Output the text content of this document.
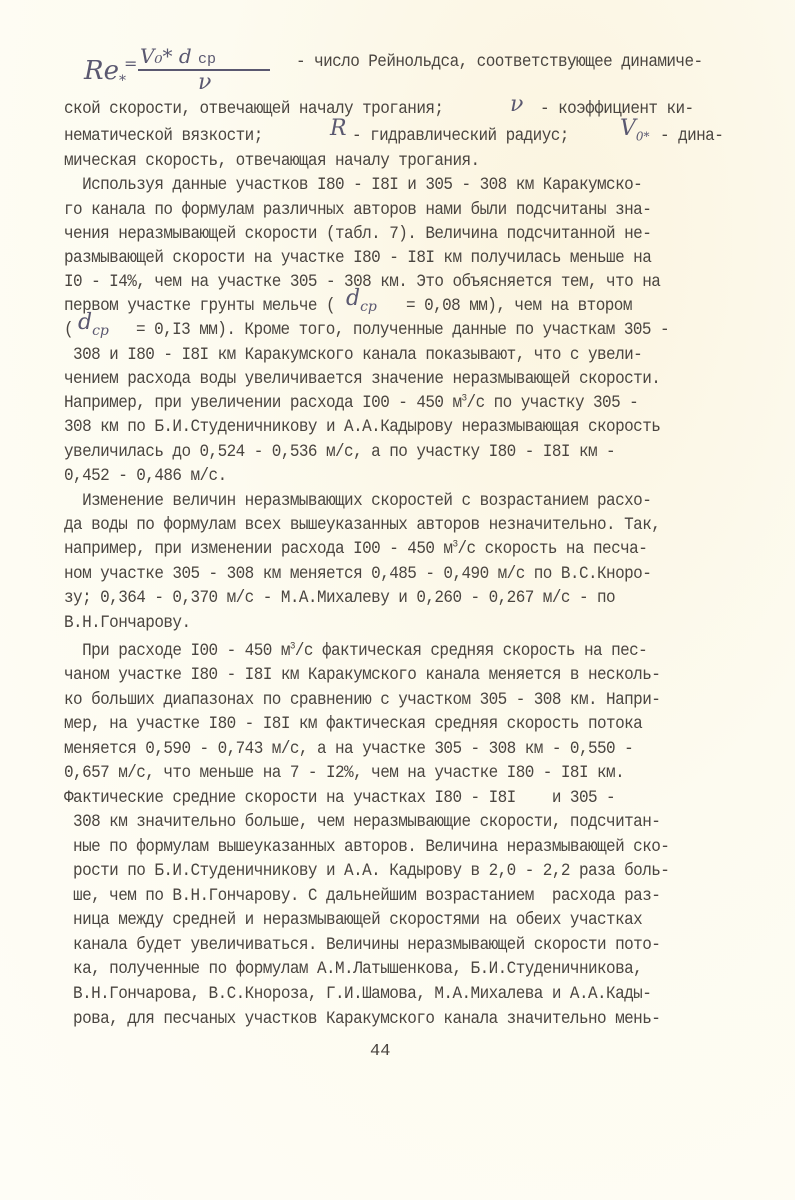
$Re_*$
= V₀* d ср
ν
- число Рейнольдса, соответствующее динамиче-
ской скорости, отвечающей началу трогания;	ν - коэффициент ки-
нематической вязкости;	R - гидравлический радиус; $V_{0*}$ - дина-
мическая скорость, отвечающая началу трогания.
Используя данные участков I80 - I8I и 305 - 308 км Каракумско-
го канала по формулам различных авторов нами были подсчитаны зна-
чения неразмывающей скорости (табл. 7). Величина подсчитанной не-
размывающей скорости на участке I80 - I8I км получилась меньше на
I0 - I4%, чем на участке 305 - 308 км. Это объясняется тем, что на
первом участке грунты мельче ( $d_{ср} = 0,08$ мм), чем на втором
( $d_{ср} = 0,I3$ мм). Кроме того, полученные данные по участкам 305 -
308 и I80 - I8I км Каракумского канала показывают, что с увели-
чением расхода воды увеличивается значение неразмывающей скорости.
Например, при увеличении расхода I00 - 450 $м^3/с$ по участку 305 -
308 км по Б.И.Студеничникову и А.А.Кадырову неразмывающая скорость
увеличилась до 0,524 - 0,536 м/с, а по участку I80 - I8I км -
0,452 - 0,486 м/с.
Изменение величин неразмывающих скоростей с возрастанием расхо-
да воды по формулам всех вышеуказанных авторов незначительно. Так,
например, при изменении расхода I00 - 450 $м^3/с$ скорость на песча-
ном участке 305 - 308 км меняется 0,485 - 0,490 м/с по В.С.Кноро-
зу; 0,364 - 0,370 м/с - М.А.Михалеву и 0,260 - 0,267 м/с - по
В.Н.Гончарову.
При расходе I00 - 450 $м^3/с$ фактическая средняя скорость на пес-
чаном участке I80 - I8I км Каракумского канала меняется в несколь-
ко больших диапазонах по сравнению с участком 305 - 308 км. Напри-
мер, на участке I80 - I8I км фактическая средняя скорость потока
меняется 0,590 - 0,743 м/с, а на участке 305 - 308 км - 0,550 -
0,657 м/с, что меньше на 7 - I2%, чем на участке I80 - I8I км.
Фактические средние скорости на участках I80 - I8I    и 305 -
308 км значительно больше, чем неразмывающие скорости, подсчитан-
ные по формулам вышеуказанных авторов. Величина неразмывающей ско-
рости по Б.И.Студеничникову и А.А. Кадырову в 2,0 - 2,2 раза боль-
ше, чем по В.Н.Гончарову. С дальнейшим возрастанием  расхода раз-
ница между средней и неразмывающей скоростями на обеих участках
канала будет увеличиваться. Величины неразмывающей скорости пото-
ка, полученные по формулам А.М.Латышенкова, Б.И.Студеничникова,
В.Н.Гончарова, В.С.Кнороза, Г.И.Шамова, М.А.Михалева и А.А.Кады-
рова, для песчаных участков Каракумского канала значительно мень-
44
